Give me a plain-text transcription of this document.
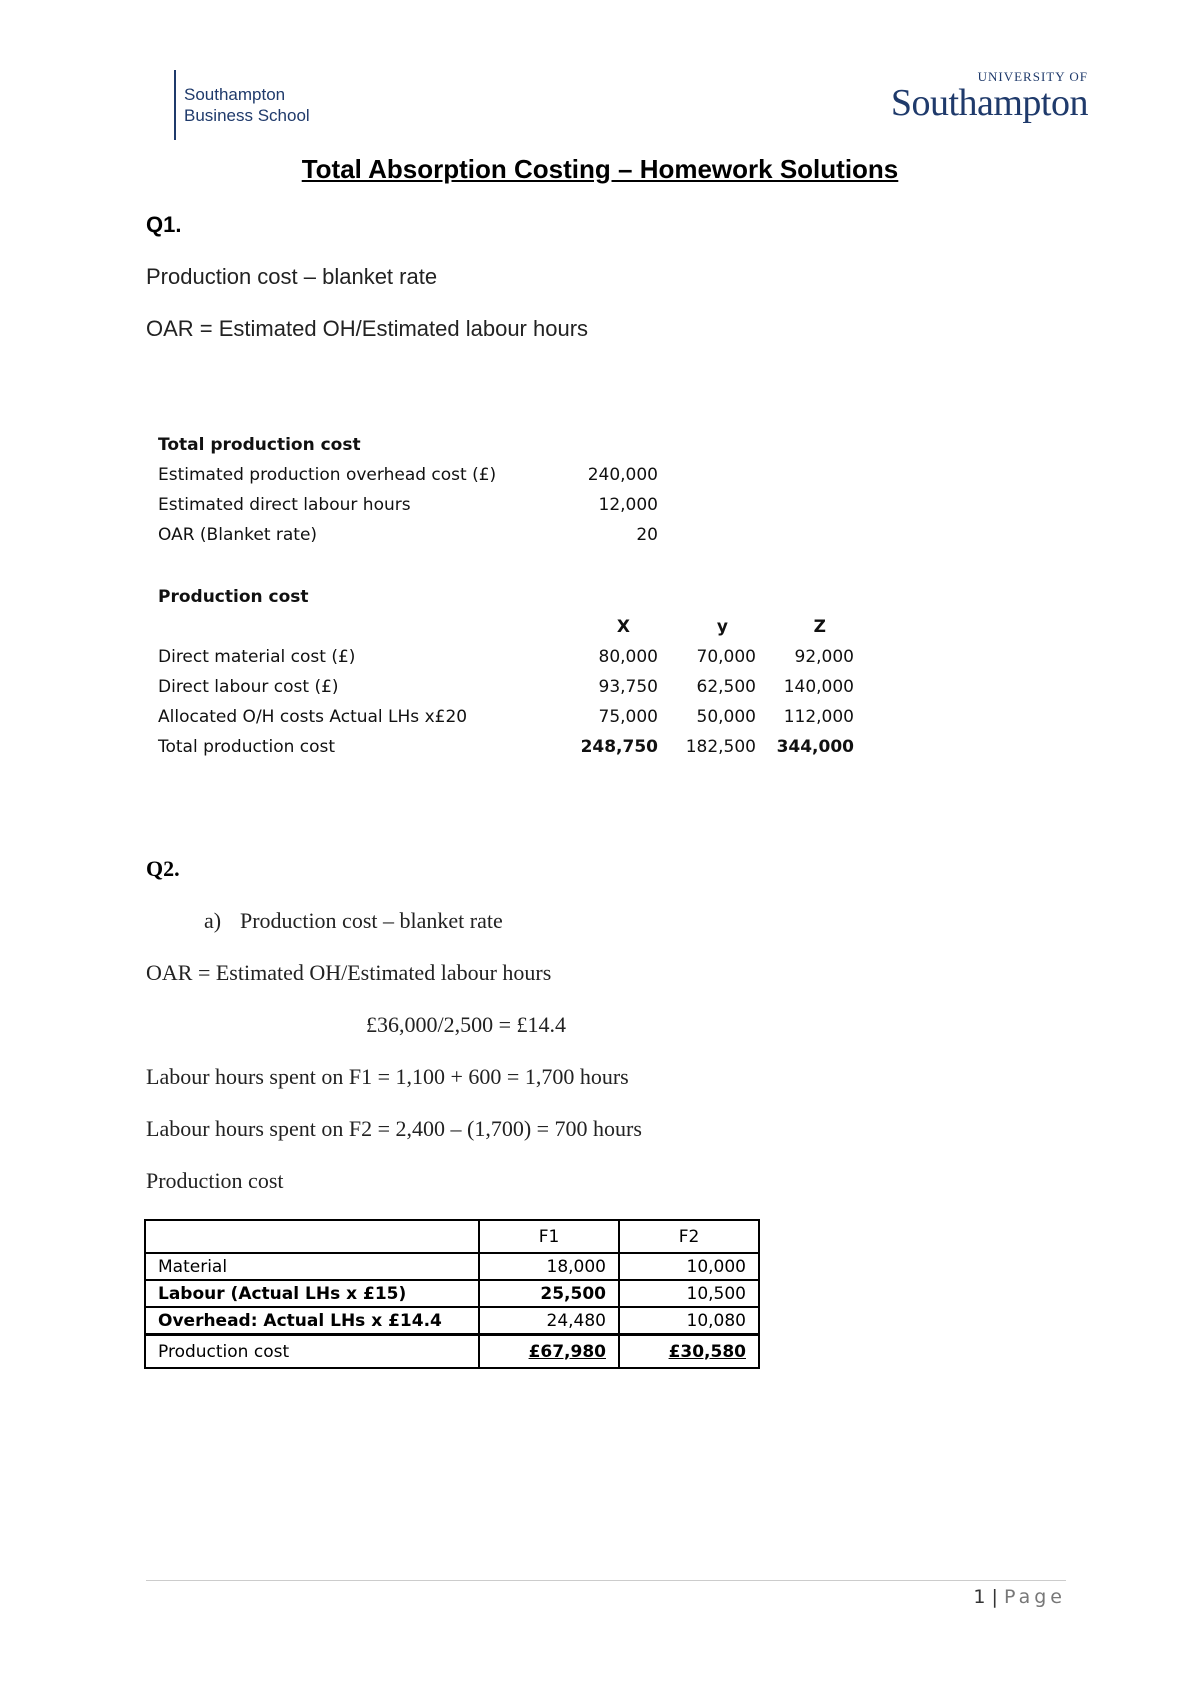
Southampton
Business School
UNIVERSITY OF
Southampton
Total Absorption Costing – Homework Solutions
Q1.
Production cost – blanket rate
OAR = Estimated OH/Estimated labour hours
Total production cost	
Estimated production overhead cost (£)	240,000
Estimated direct labour hours	12,000
OAR (Blanket rate)	20
Production cost			
	X	y	Z
Direct material cost (£)	80,000	70,000	92,000
Direct labour cost (£)	93,750	62,500	140,000
Allocated O/H costs Actual LHs x£20	75,000	50,000	112,000
Total production cost	248,750	182,500	344,000
Q2.
a) Production cost – blanket rate
OAR = Estimated OH/Estimated labour hours
£36,000/2,500 = £14.4
Labour hours spent on F1 = 1,100 + 600 = 1,700 hours
Labour hours spent on F2 = 2,400 – (1,700) = 700 hours
Production cost
	F1	F2
Material	18,000	10,000
Labour (Actual LHs x £15)	25,500	10,500
Overhead: Actual LHs x £14.4	24,480	10,080
Production cost	£67,980	£30,580
1 | Page
